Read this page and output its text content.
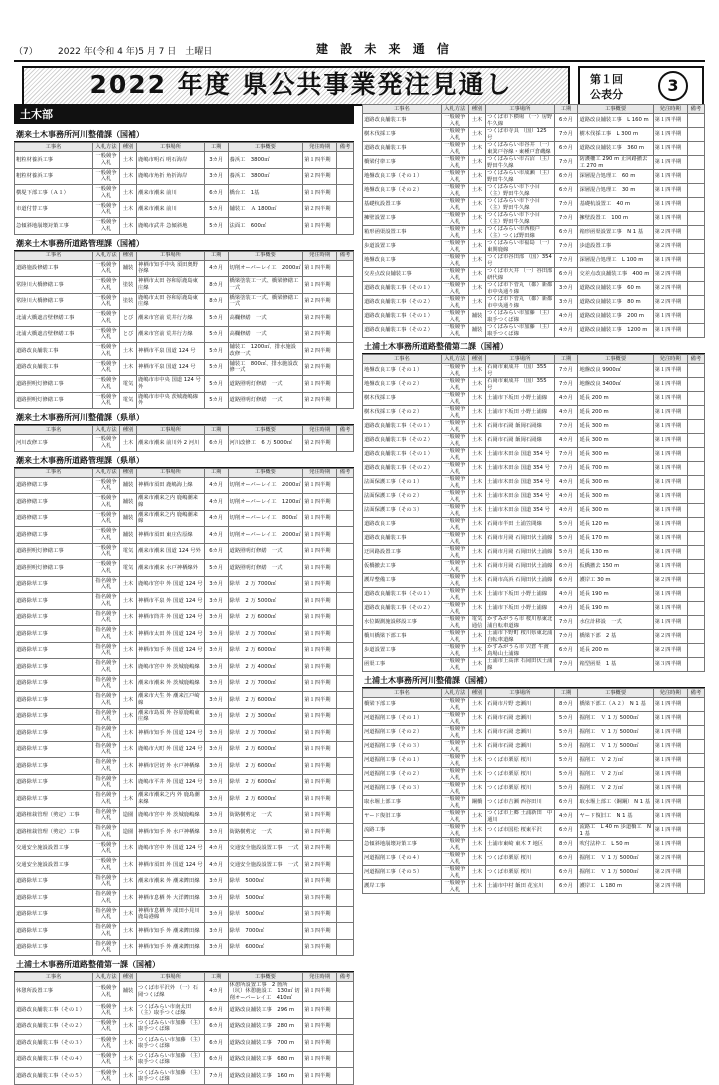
（7） 2022 年(令和 4 年)5 月 7 日　土曜日	建 設 未 来 通 信
2022 年度 県公共事業発注見通し	第１回
公表分	3
土木部
潮来土木事務所河川整備課（国補）
工事名	入札方法	種別	工事場所	工期	工事概要	発注時期	備考
粗粒材養浜工事	一般競争入札	土木	鹿嶋市明石 明石海岸	3カ月	養浜工　3800㎥	第１四半期	
粗粒材養浜工事	一般競争入札	土木	鹿嶋市角折 角折海岸	3カ月	養浜工　3800㎥	第２四半期	
横堤下部工事（Ａ１）	一般競争入札	土木	潮来市潮来 前川	6カ月	橋台工　1基	第１四半期	
市道付替工事	一般競争入札	土木	潮来市潮来 前川	5カ月	舗装工　Ａ 1800㎡	第２四半期	
急傾斜地崩壊対策工事	一般競争入札	土木	鹿嶋市武井 急傾斜地	5カ月	法面工　600㎡	第１四半期	
潮来土木事務所道路管理課（国補）
工事名	入札方法	種別	工事場所	工期	工事概要	発注時期	備考
道路施設修繕工事	一般競争入札	舗装	神栖市知手中央 須田奥野谷線	4カ月	切削オーバーレイ工　2000㎡	第１四半期	
常陸川大橋修繕工事	一般競争入札	塗装	神栖市太田 谷和原鹿島東庄線	8カ月	橋梁塗装工一式、橋梁修繕工一式	第１四半期	
常陸川大橋修繕工事	一般競争入札	塗装	鹿嶋市太田 谷和原鹿島東庄線	8カ月	橋梁塗装工一式、橋梁修繕工一式	第２四半期	
北浦大橋遮音壁修繕工事	一般競争入札	とび	潮来市宮前 荒井行方線	5カ月	高欄修繕　一式	第２四半期	
北浦大橋遮音壁修繕工事	一般競争入札	とび	潮来市宮前 荒井行方線	5カ月	高欄修繕　一式	第２四半期	
道路改良舗装工事	一般競争入札	土木	神栖市平泉 国道 124 号	5カ月	舗装工　1200㎡、排水施設改修一式	第２四半期	
道路改良舗装工事	一般競争入札	土木	神栖市平泉 国道 124 号	5カ月	舗装工　800㎡、排水施設改修一式	第２四半期	
道路照明灯修繕工事	一般競争入札	電気	鹿嶋市市中央 国道 124 号外	5カ月	道路照明灯修繕　一式	第１四半期	
道路照明灯修繕工事	一般競争入札	電気	鹿嶋市市中央 茨城鹿嶋線外	5カ月	道路照明灯修繕　一式	第２四半期	
潮来土木事務所河川整備課（県単）
工事名	入札方法	種別	工事場所	工期	工事概要	発注時期	備考
河川改修工事	一般競争入札	土木	潮来市潮来 前川外 2 河川	6カ月	河川改修工　6 万 5000㎥	第２四半期	
潮来土木事務所道路管理課（県単）
工事名	入札方法	種別	工事場所	工期	工事概要	発注時期	備考
道路修繕工事	一般競争入札	舗装	神栖市須田 鹿嶋海上線	4カ月	切削オーバーレイ工　2000㎡	第１四半期	
道路修繕工事	一般競争入札	舗装	潮来市潮来之内 鹿嶋潮来線	4カ月	切削オーバーレイ工　1200㎡	第１四半期	
道路修繕工事	一般競争入札	舗装	潮来市潮来之内 鹿嶋潮来線	4カ月	切削オーバーレイ工　800㎡	第１四半期	
道路修繕工事	一般競争入札	舗装	神栖市須田 東庄佐原線	4カ月	切削オーバーレイ工　2000㎡	第１四半期	
道路照明灯修繕工事	一般競争入札	電気	潮来市潮来 国道 124 号外	6カ月	道路照明灯修繕　一式	第１四半期	
道路照明灯修繕工事	一般競争入札	電気	潮来市潮来 水戸神栖線外	5カ月	道路照明灯修繕　一式	第１四半期	
道路除草工事	指名競争入札	土木	鹿嶋市宮中 外 国道 124 号	3カ月	除草　2 万 7000㎡	第１四半期	
道路除草工事	指名競争入札	土木	神栖市平泉 外 国道 124 号	3カ月	除草　2 万 5000㎡	第１四半期	
道路除草工事	指名競争入札	土木	神栖市筒井 外 国道 124 号	3カ月	除草　2 万 6000㎡	第１四半期	
道路除草工事	指名競争入札	土木	神栖市太田 外 国道 124 号	3カ月	除草　2 万 7000㎡	第１四半期	
道路除草工事	指名競争入札	土木	神栖市知手 外 国道 124 号	3カ月	除草　2 万 6000㎡	第１四半期	
道路除草工事	指名競争入札	土木	鹿嶋市宮中 外 茨城鹿嶋線	3カ月	除草　2 万 4000㎡	第１四半期	
道路除草工事	指名競争入札	土木	潮来市潮来 外 茨城鹿嶋線	3カ月	除草　2 万 7000㎡	第１四半期	
道路除草工事	指名競争入札	土木	潮来市大生 外 潮来江戸崎線	3カ月	除草　2 万 6000㎡	第１四半期	
道路除草工事	指名競争入札	土木	潮来市島須 外 谷原鹿嶋東庄線	3カ月	除草　2 万 3000㎡	第１四半期	
道路除草工事	指名競争入札	土木	神栖市知手 外 国道 124 号	3カ月	除草　2 万 7000㎡	第１四半期	
道路除草工事	指名競争入札	土木	鹿嶋市大町 外 国道 124 号	3カ月	除草　2 万 6000㎡	第１四半期	
道路除草工事	指名競争入札	土木	神栖市居切 外 水戸神栖線	3カ月	除草　2 万 6000㎡	第１四半期	
道路除草工事	指名競争入札	土木	鹿嶋市平井 外 国道 124 号	3カ月	除草　2 万 6000㎡	第１四半期	
道路除草工事	指名競争入札	土木	潮来市潮来之内 外 鹿島潮来線	3カ月	除草　2 万 6000㎡	第１四半期	
道路植栽管理（剪定）工事	指名競争入札	造園	鹿嶋市宮中 外 茨城鹿嶋線	3カ月	街路樹剪定　一式	第１四半期	
道路植栽管理（剪定）工事	指名競争入札	造園	神栖市知手 外 水戸神栖線	3カ月	街路樹剪定　一式	第１四半期	
交通安全施設設置工事	一般競争入札	土木	鹿嶋市宮中 外 国道 124 号	4カ月	交通安全施設設置工事　一式	第２四半期	
交通安全施設設置工事	一般競争入札	土木	神栖市須田 外 国道 124 号	4カ月	交通安全施設設置工事　一式	第２四半期	
道路除草工事	指名競争入札	土木	潮来市潮来 外 潮来鉾田線	3カ月	除草　5000㎡	第１四半期	
道路除草工事	指名競争入札	土木	神栖市息栖 外 大洋鉾田線	3カ月	除草　5000㎡	第３四半期	
道路除草工事	指名競争入札	土木	神栖市息栖 外 成田小見川鹿島港線	3カ月	除草　5000㎡	第３四半期	
道路除草工事	指名競争入札	土木	神栖市知手 外 潮来鉾田線	3カ月	除草　7000㎡	第３四半期	
道路除草工事	指名競争入札	土木	神栖市知手 外 潮来鉾田線	3カ月	除草　6000㎡	第３四半期	
土浦土木事務所道路整備第一課（国補）
工事名	入札方法	種別	工事場所	工期	工事概要	発注時期	備考
休憩所設置工事	一般競争入札	舗装	つくば市平沢外 （一）石岡つくば線	4カ月	休憩所設置工事　2 箇所 （坑）休憩施設工　130㎡ 切削オーバーレイ工　410㎡	第１四半期	
道路改良舗装工事（その１）	一般競争入札	土木	つくばみらい市南太田 （主）取手つくば線	6カ月	道路改良舗装工事　296 m	第１四半期	
道路改良舗装工事（その２）	一般競争入札	土木	つくばみらい市加藤 （主）取手つくば線	6カ月	道路改良舗装工事　280 m	第１四半期	
道路改良舗装工事（その３）	一般競争入札	土木	つくばみらい市加藤 （主）取手つくば線	6カ月	道路改良舗装工事　700 m	第１四半期	
道路改良舗装工事（その４）	一般競争入札	土木	つくばみらい市加藤 （主）取手つくば線	6カ月	道路改良舗装工事　680 m	第１四半期	
道路改良舗装工事（その５）	一般競争入札	土木	つくばみらい市加藤 （主）取手つくば線	7カ月	道路改良舗装工事　160 m	第１四半期	
工事名	入札方法	種別	工事場所	工期	工事概要	発注時期	備考
道路改良舗装工事	一般競争入札	土木	つくば市下横場 （一）房野牛久線	6カ月	道路改良舗装工事　L 160 m	第１四半期	
樹木伐採工事	一般競争入札	土木	つくば市寺具 （国）125 号	7カ月	樹木伐採工事　L 300 m	第１四半期	
道路改良舗装工事	一般競争入札	土木	つくばみらい市谷井 （一）東箕戸谷線・東種戸倉磯線	6カ月	道路改良舗装工事　360 m	第１四半期	
橋梁付帯工事	一般競争入札	土木	つくばみらい市古沼 （主）野田牛久線	7カ月	防護柵工 290 m 止回路撤去工 270 m	第１四半期	
地盤改良工事（その１）	一般競争入札	土木	つくばみらい市成瀬 （主）野田牛久線	6カ月	深層混合処理工　60 m	第１四半期	
地盤改良工事（その２）	一般競争入札	土木	つくばみらい市下小目 （主）野田牛久線	6カ月	深層混合処理工　30 m	第１四半期	
基礎杭設置工事	一般競争入札	土木	つくばみらい市下小目 （主）野田牛久線	7カ月	基礎杭設置工　40 m	第１四半期	
擁壁設置工事	一般競争入札	土木	つくばみらい市下小目 （主）野田牛久線	7カ月	擁壁設置工　100 m	第１四半期	
箱形函渠設置工事	一般競争入札	土木	つくばみらい市西根戸 （主）つくば野田線	6カ月	箱形函渠設置工事　N 1 基	第２四半期	
歩道設置工事	一般競争入札	土木	つくばみらい市福島 （一）東関鹿線	7カ月	歩道設置工事	第２四半期	
地盤改良工事	一般競争入札	土木	つくば市谷田部 （国）354 号	7カ月	深層混合処理工　L 100 m	第１四半期	
交差点改良舗装工事	一般競争入札	土木	つくば市大井 （一）谷田部研代線	6カ月	交差点改良舗装工事　400 m	第２四半期	
道路改良舗装工事（その１）	一般競争入札	土木	つくば市下菅丸 （都）新都市中央通り線	3カ月	道路改良舗装工事　60 m	第２四半期	
道路改良舗装工事（その２）	一般競争入札	土木	つくば市下菅丸 （都）新都市中央通り線	3カ月	道路改良舗装工事　80 m	第２四半期	
道路改良舗装工事（その１）	一般競争入札	舗装	つくばみらい市加藤 （主）取手つくば線	4カ月	道路改良舗装工事　200 m	第１四半期	
道路改良舗装工事（その２）	一般競争入札	舗装	つくばみらい市加藤 （主）取手つくば線	4カ月	道路改良舗装工事　1200 m	第１四半期	
土浦土木事務所道路整備第二課（国補）
工事名	入札方法	種別	工事場所	工期	工事概要	発注時期	備考
地盤改良工事（その１）	一般競争入札	土木	石岡市東成井 （国）355 号	7カ月	地盤改良 9900㎥	第１四半期	
地盤改良工事（その２）	一般競争入札	土木	石岡市東成井 （国）355 号	7カ月	地盤改良 3400㎥	第１四半期	
樹木伐採工事	一般競争入札	土木	土浦市下坂田 小野土浦線	4カ月	延長 200 m	第１四半期	
樹木伐採工事（その２）	一般競争入札	土木	土浦市下坂田 小野土浦線	4カ月	延長 200 m	第１四半期	
道路改良舗装工事（その１）	一般競争入札	土木	石岡市石岡 飯岡石岡線	7カ月	延長 300 m	第１四半期	
道路改良舗装工事（その２）	一般競争入札	土木	石岡市石岡 飯岡石岡線	4カ月	延長 300 m	第１四半期	
道路改良舗装工事（その１）	一般競争入札	土木	土浦市木田余 国道 354 号	7カ月	延長 300 m	第１四半期	
道路改良舗装工事（その２）	一般競争入札	土木	土浦市木田余 国道 354 号	7カ月	延長 700 m	第１四半期	
法面保護工事（その１）	一般競争入札	土木	土浦市木田余 国道 354 号	4カ月	延長 300 m	第１四半期	
法面保護工事（その２）	一般競争入札	土木	土浦市木田余 国道 354 号	4カ月	延長 300 m	第１四半期	
法面保護工事（その３）	一般競争入札	土木	土浦市木田余 国道 354 号	4カ月	延長 300 m	第１四半期	
道路改良工事	一般競争入札	土木	石岡市半田 土浦笠間線	5カ月	延長 120 m	第１四半期	
道路改良舗装工事	一般競争入札	土木	石岡市月岡 石岡田伏土浦線	5カ月	延長 170 m	第１四半期	
迂回路設置工事	一般競争入札	土木	石岡市月岡 石岡田伏土浦線	5カ月	延長 130 m	第１四半期	
仮橋撤去工事	一般競争入札	土木	石岡市月岡 石岡田伏土浦線	6カ月	仮橋撤去 150 m	第１四半期	
護岸整備工事	一般競争入札	土木	石岡市高浜 石岡田伏土浦線	6カ月	護岸工 30 m	第２四半期	
道路改良舗装工事（その１）	一般競争入札	土木	土浦市下坂田 小野土浦線	4カ月	延長 190 m	第１四半期	
道路改良舗装工事（その２）	一般競争入札	土木	土浦市下坂田 小野土浦線	4カ月	延長 190 m	第１四半期	
水位観測施設移設工事	一般競争入札	電気通信	かすみがうら市 桜川県東北浦自転車道線	7カ月	水位計移設　一式	第１四半期	
橋川橋梁下部工事	一般競争入札	土木	土浦市下野町 桜川県東北浦自転車道線	7カ月	橋梁下部　2 基	第２四半期	
歩道設置工事	一般競争入札	土木	かすみがうら市 宍倉 牛渡鳥場山土浦線	6カ月	延長 200 m	第２四半期	
函渠工事	一般競争入札	土木	土浦市上高津 石岡田伏土浦線	7カ月	箱型函渠　1 基	第３四半期	
土浦土木事務所河川整備課（国補）
工事名	入札方法	種別	工事場所	工期	工事概要	発注時期	備考
橋梁下部工事	一般競争入札	土木	石岡市片野 恋瀬川	8カ月	橋梁下部工（Ａ２）　N 1 基	第１四半期	
河道掘削工事（その１）	一般競争入札	土木	石岡市石岡 恋瀬川	5カ月	掘削工　Ｖ 1 万 5000㎥	第１四半期	
河道掘削工事（その２）	一般競争入札	土木	石岡市石岡 恋瀬川	5カ月	掘削工　Ｖ 1 万 5000㎥	第１四半期	
河道掘削工事（その３）	一般競争入札	土木	石岡市石岡 恋瀬川	5カ月	掘削工　Ｖ 1 万 5000㎥	第１四半期	
河道掘削工事（その１）	一般競争入札	土木	つくば市栗原 桜川	5カ月	掘削工　Ｖ 2 万㎥	第１四半期	
河道掘削工事（その２）	一般競争入札	土木	つくば市栗原 桜川	5カ月	掘削工　Ｖ 2 万㎥	第１四半期	
河道掘削工事（その３）	一般競争入札	土木	つくば市栗原 桜川	5カ月	掘削工　Ｖ 2 万㎥	第１四半期	
取水堰上部工事	一般競争入札	鋼橋	つくば市吉瀬 西谷田川	6カ月	取水堰上部工（鋼鋼） N 1 基	第１四半期	
ヤード復旧工事	一般競争入札	土木	つくば市上郷 土浦新田　中通川	4カ月	ヤード復旧工　N 1 基	第１四半期	
流路工事	一般競争入札	土木	つくば市国松 桜東平沢	6カ月	流路工　L 40 m 歩道橋工　N 1 基	第１四半期	
急傾斜地崩壊対策工事	一般競争入札	土木	土浦市東崎 東木 7 地区	8カ月	吹付法枠工　L 50 m	第１四半期	
河道掘削工事（その４）	一般競争入札	土木	つくば市栗原 桜川	6カ月	掘削工　Ｖ 1 万 5000㎥	第２四半期	
河道掘削工事（その５）	一般競争入札	土木	つくば市栗原 桜川	6カ月	掘削工　Ｖ 1 万 5000㎥	第２四半期	
護岸工事	一般競争入札	土木	土浦市中村 飯田 花室川	6カ月	護岸工　L 180 m	第２四半期	
